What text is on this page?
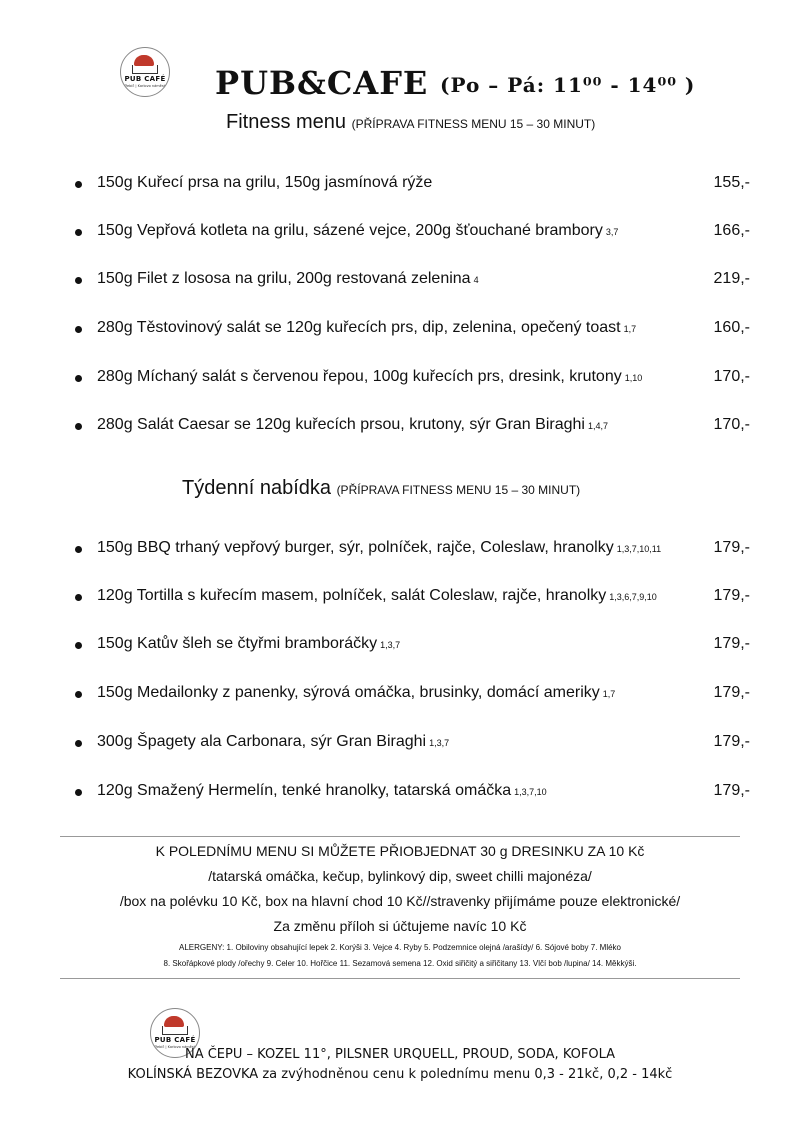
PUB CAFÉ
Třebíč | Karlovo náměstí PUB&CAFE (Po – Pá: 11⁰⁰ - 14⁰⁰ )
Fitness menu (PŘÍPRAVA FITNESS MENU 15 – 30 MINUT)
150g Kuřecí prsa na grilu, 150g jasmínová rýže	155,-
150g Vepřová kotleta na grilu, sázené vejce, 200g šťouchané brambory 3,7	166,-
150g Filet z lososa na grilu, 200g restovaná zelenina 4	219,-
280g Těstovinový salát se 120g kuřecích prs, dip, zelenina, opečený toast 1,7	160,-
280g Míchaný salát s červenou řepou, 100g kuřecích prs, dresink, krutony 1,10	170,-
280g Salát Caesar se 120g kuřecích prsou, krutony, sýr Gran Biraghi 1,4,7	170,-
Týdenní nabídka (PŘÍPRAVA FITNESS MENU 15 – 30 MINUT)
150g BBQ trhaný vepřový burger, sýr, polníček, rajče, Coleslaw, hranolky 1,3,7,10,11	179,-
120g Tortilla s kuřecím masem, polníček, salát Coleslaw, rajče, hranolky 1,3,6,7,9,10	179,-
150g Katův šleh se čtyřmi bramboráčky 1,3,7	179,-
150g Medailonky z panenky, sýrová omáčka, brusinky, domácí ameriky 1,7	179,-
300g Špagety ala Carbonara, sýr Gran Biraghi 1,3,7	179,-
120g Smažený Hermelín, tenké hranolky, tatarská omáčka 1,3,7,10	179,-
K POLEDNÍMU MENU SI MŮŽETE PŘIOBJEDNAT 30 g DRESINKU ZA 10 Kč
/tatarská omáčka, kečup, bylinkový dip, sweet chilli majonéza/
/box na polévku 10 Kč, box na hlavní chod 10 Kč//stravenky přijímáme pouze elektronické/
Za změnu příloh si účtujeme navíc 10 Kč
ALERGENY: 1. Obiloviny obsahující lepek 2. Korýši 3. Vejce 4. Ryby 5. Podzemnice olejná /arašídy/ 6. Sójové boby 7. Mléko
8. Skořápkové plody /ořechy 9. Celer 10. Hořčice 11. Sezamová semena 12. Oxid siřičitý a siřičitany 13. Vlčí bob /lupina/ 14. Měkkýši.
PUB CAFÉ
Třebíč | Karlovo náměstí
NA ČEPU – KOZEL 11°, PILSNER URQUELL, PROUD, SODA, KOFOLA
KOLÍNSKÁ BEZOVKA za zvýhodněnou cenu k polednímu menu 0,3 - 21kč, 0,2 - 14kč
